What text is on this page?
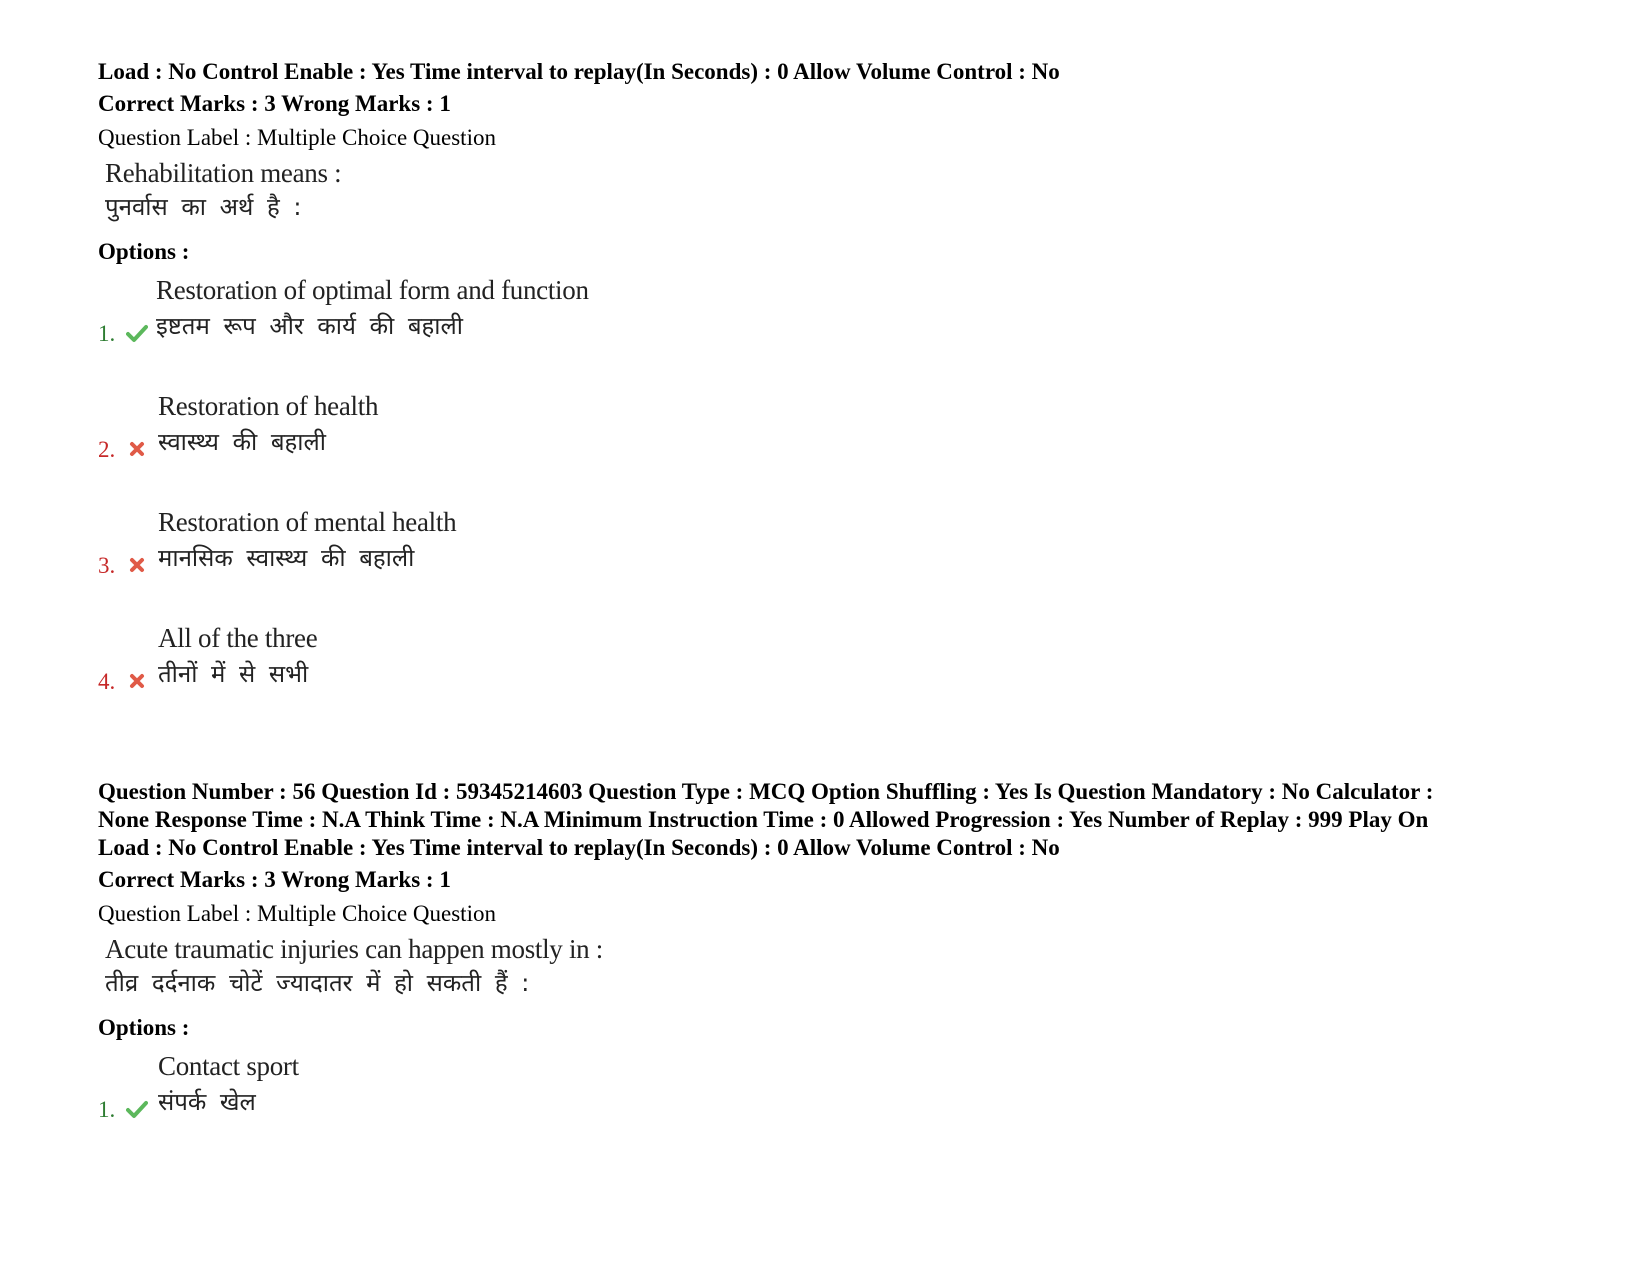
Load : No Control Enable : Yes Time interval to replay(In Seconds) : 0 Allow Volume Control : No
Correct Marks : 3 Wrong Marks : 1
Question Label : Multiple Choice Question
Rehabilitation means :
पुनर्वास का अर्थ है :
Options :
Restoration of optimal form and function
इष्टतम रूप और कार्य की बहाली
1.
Restoration of health
स्वास्थ्य की बहाली
2.
Restoration of mental health
मानसिक स्वास्थ्य की बहाली
3.
All of the three
तीनों में से सभी
4.
Question Number : 56 Question Id : 59345214603 Question Type : MCQ Option Shuffling : Yes Is Question Mandatory : No Calculator :
None Response Time : N.A Think Time : N.A Minimum Instruction Time : 0 Allowed Progression : Yes Number of Replay : 999 Play On
Load : No Control Enable : Yes Time interval to replay(In Seconds) : 0 Allow Volume Control : No
Correct Marks : 3 Wrong Marks : 1
Question Label : Multiple Choice Question
Acute traumatic injuries can happen mostly in :
तीव्र दर्दनाक चोटें ज्यादातर में हो सकती हैं :
Options :
Contact sport
संपर्क खेल
1.
